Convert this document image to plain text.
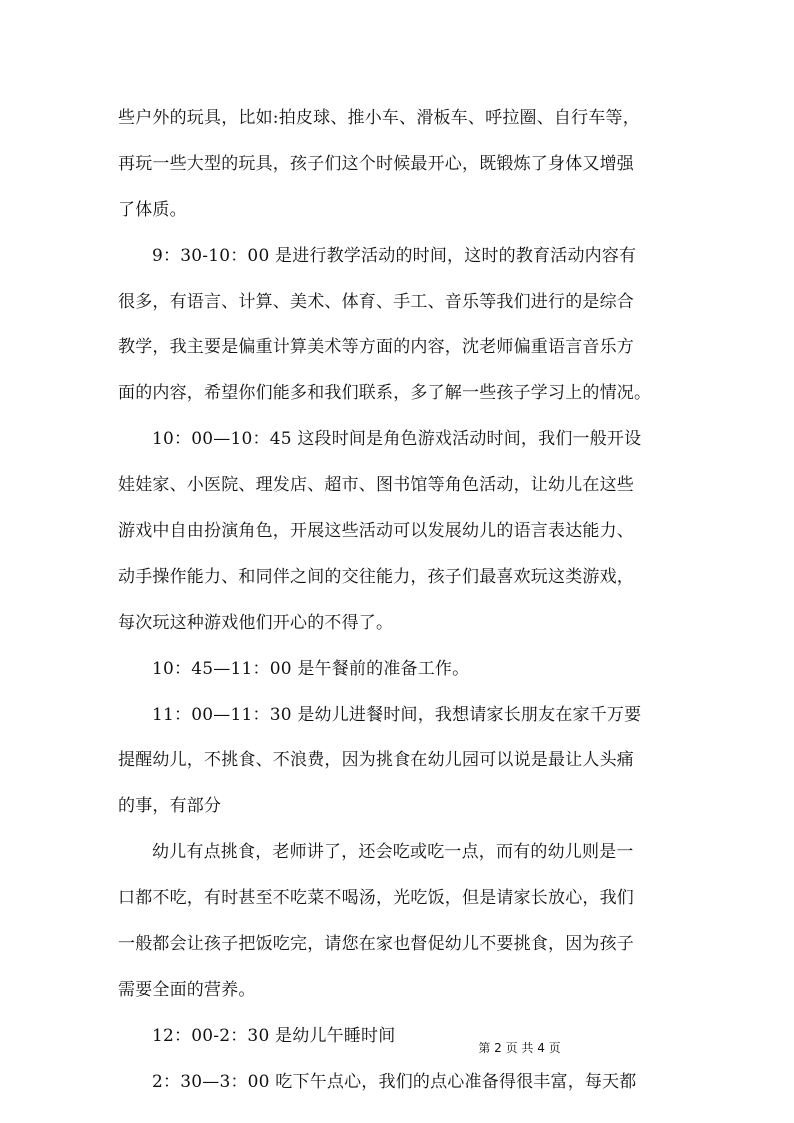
些户外的玩具，比如:拍皮球、推小车、滑板车、呼拉圈、自行车等，
再玩一些大型的玩具，孩子们这个时候最开心，既锻炼了身体又增强
了体质。
9：30-10：00 是进行教学活动的时间，这时的教育活动内容有
很多，有语言、计算、美术、体育、手工、音乐等我们进行的是综合
教学，我主要是偏重计算美术等方面的内容，沈老师偏重语言音乐方
面的内容，希望你们能多和我们联系，多了解一些孩子学习上的情况。
10：00—10：45 这段时间是角色游戏活动时间，我们一般开设
娃娃家、小医院、理发店、超市、图书馆等角色活动，让幼儿在这些
游戏中自由扮演角色，开展这些活动可以发展幼儿的语言表达能力、
动手操作能力、和同伴之间的交往能力，孩子们最喜欢玩这类游戏，
每次玩这种游戏他们开心的不得了。
10：45—11：00 是午餐前的准备工作。
11：00—11：30 是幼儿进餐时间，我想请家长朋友在家千万要
提醒幼儿，不挑食、不浪费，因为挑食在幼儿园可以说是最让人头痛
的事，有部分
幼儿有点挑食，老师讲了，还会吃或吃一点，而有的幼儿则是一
口都不吃，有时甚至不吃菜不喝汤，光吃饭，但是请家长放心，我们
一般都会让孩子把饭吃完，请您在家也督促幼儿不要挑食，因为孩子
需要全面的营养。
12：00-2：30 是幼儿午睡时间
2：30—3：00 吃下午点心，我们的点心准备得很丰富，每天都
第 2 页 共 4 页
